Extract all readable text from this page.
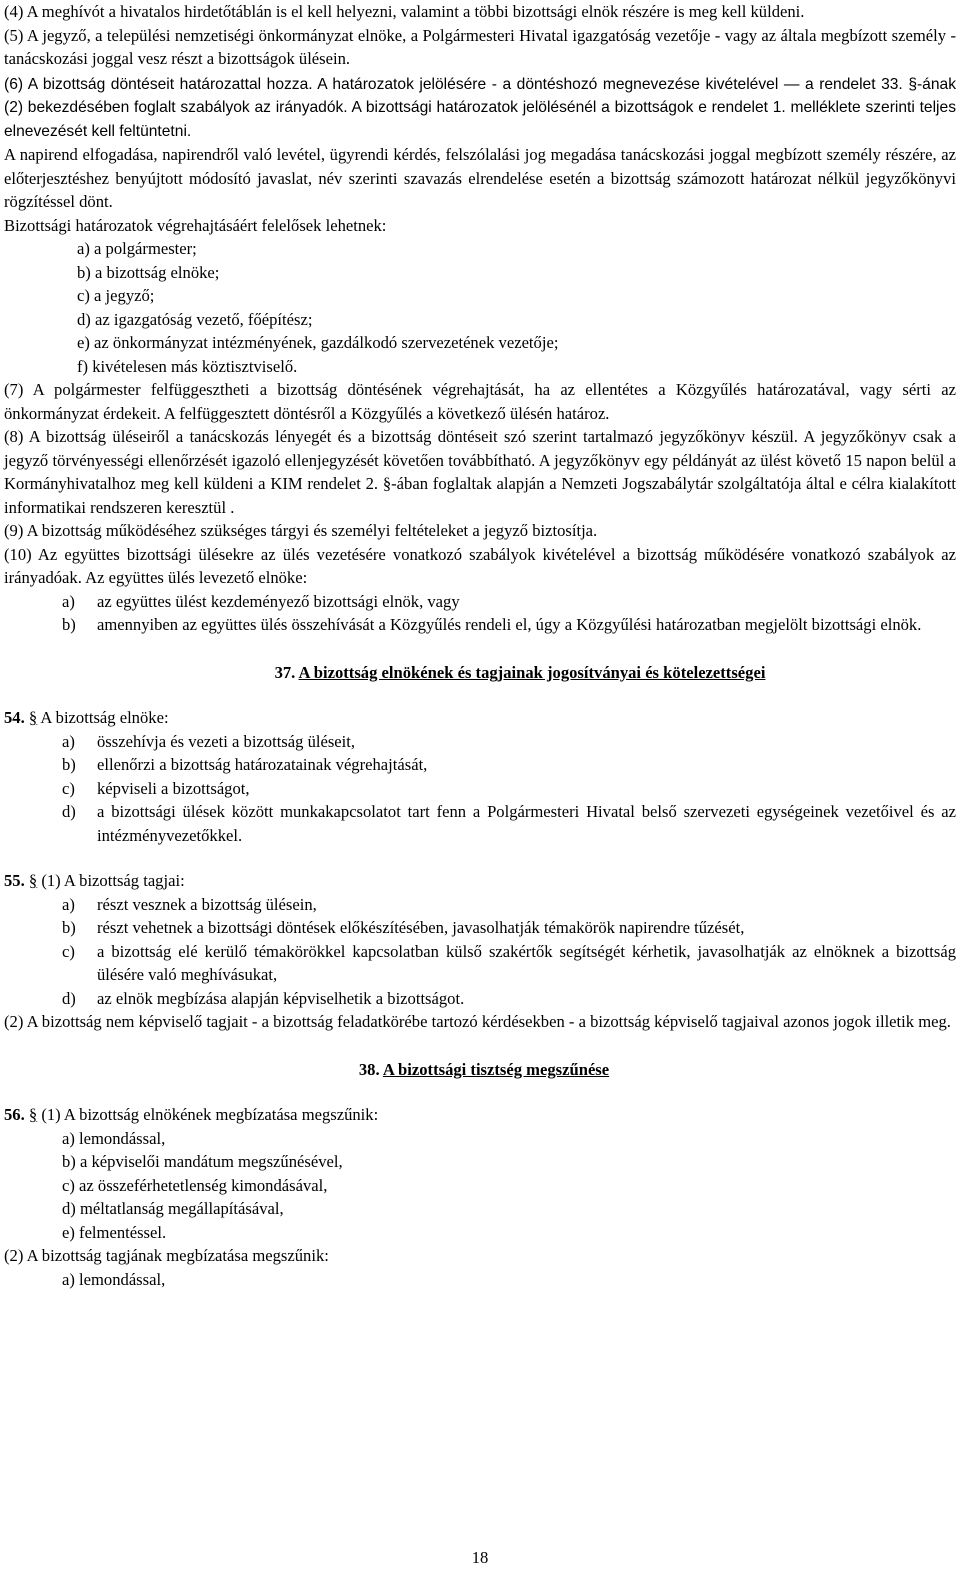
(4) A meghívót a hivatalos hirdetőtáblán is el kell helyezni, valamint a többi bizottsági elnök részére is meg kell küldeni.

(5) A jegyző, a települési nemzetiségi önkormányzat elnöke, a Polgármesteri Hivatal igazgatóság vezetője - vagy az általa megbízott személy - tanácskozási joggal vesz részt a bizottságok ülésein.

(6) A bizottság döntéseit határozattal hozza. A határozatok jelölésére - a döntéshozó megnevezése kivételével — a rendelet 33. §-ának (2) bekezdésében foglalt szabályok az irányadók. A bizottsági határozatok jelölésénél a bizottságok e rendelet 1. melléklete szerinti teljes elnevezését kell feltüntetni.

A napirend elfogadása, napirendről való levétel, ügyrendi kérdés, felszólalási jog megadása tanácskozási joggal megbízott személy részére, az előterjesztéshez benyújtott módosító javaslat, név szerinti szavazás elrendelése esetén a bizottság számozott határozat nélkül jegyzőkönyvi rögzítéssel dönt.

Bizottsági határozatok végrehajtásáért felelősek lehetnek:

a) a polgármester;
b) a bizottság elnöke;
c) a jegyző;
d) az igazgatóság vezető, főépítész;
e) az önkormányzat intézményének, gazdálkodó szervezetének vezetője;
f) kivételesen más köztisztviselő.

(7) A polgármester felfüggesztheti a bizottság döntésének végrehajtását, ha az ellentétes a Közgyűlés határozatával, vagy sérti az önkormányzat érdekeit. A felfüggesztett döntésről a Közgyűlés a következő ülésén határoz.

(8) A bizottság üléseiről a tanácskozás lényegét és a bizottság döntéseit szó szerint tartalmazó jegyzőkönyv készül. A jegyzőkönyv csak a jegyző törvényességi ellenőrzését igazoló ellenjegyzését követően továbbítható. A jegyzőkönyv egy példányát az ülést követő 15 napon belül a Kormányhivatalhoz meg kell küldeni a KIM rendelet 2. §-ában foglaltak alapján a Nemzeti Jogszabálytár szolgáltatója által e célra kialakított informatikai rendszeren keresztül .

(9) A bizottság működéséhez szükséges tárgyi és személyi feltételeket a jegyző biztosítja.

(10) Az együttes bizottsági ülésekre az ülés vezetésére vonatkozó szabályok kivételével a bizottság működésére vonatkozó szabályok az irányadóak. Az együttes ülés levezető elnöke:

a) az együttes ülést kezdeményező bizottsági elnök, vagy
b) amennyiben az együttes ülés összehívását a Közgyűlés rendeli el, úgy a Közgyűlési határozatban megjelölt bizottsági elnök.
37. A bizottság elnökének és tagjainak jogosítványai és kötelezettségei

54. § A bizottság elnöke:

a) összehívja és vezeti a bizottság üléseit,
b) ellenőrzi a bizottság határozatainak végrehajtását,
c) képviseli a bizottságot,
d) a bizottsági ülések között munkakapcsolatot tart fenn a Polgármesteri Hivatal belső szervezeti egységeinek vezetőivel és az intézményvezetőkkel.

55. § (1) A bizottság tagjai:

a) részt vesznek a bizottság ülésein,
b) részt vehetnek a bizottsági döntések előkészítésében, javasolhatják témakörök napirendre tűzését,
c) a bizottság elé kerülő témakörökkel kapcsolatban külső szakértők segítségét kérhetik, javasolhatják az elnöknek a bizottság ülésére való meghívásukat,
d) az elnök megbízása alapján képviselhetik a bizottságot.

(2) A bizottság nem képviselő tagjait - a bizottság feladatkörébe tartozó kérdésekben - a bizottság képviselő tagjaival azonos jogok illetik meg.

38. A bizottsági tisztség megszűnése

56. § (1) A bizottság elnökének megbízatása megszűnik:

a) lemondással,
b) a képviselői mandátum megszűnésével,
c) az összeférhetetlenség kimondásával,
d) méltatlanság megállapításával,
e) felmentéssel.

(2) A bizottság tagjának megbízatása megszűnik:

a) lemondással,
18
